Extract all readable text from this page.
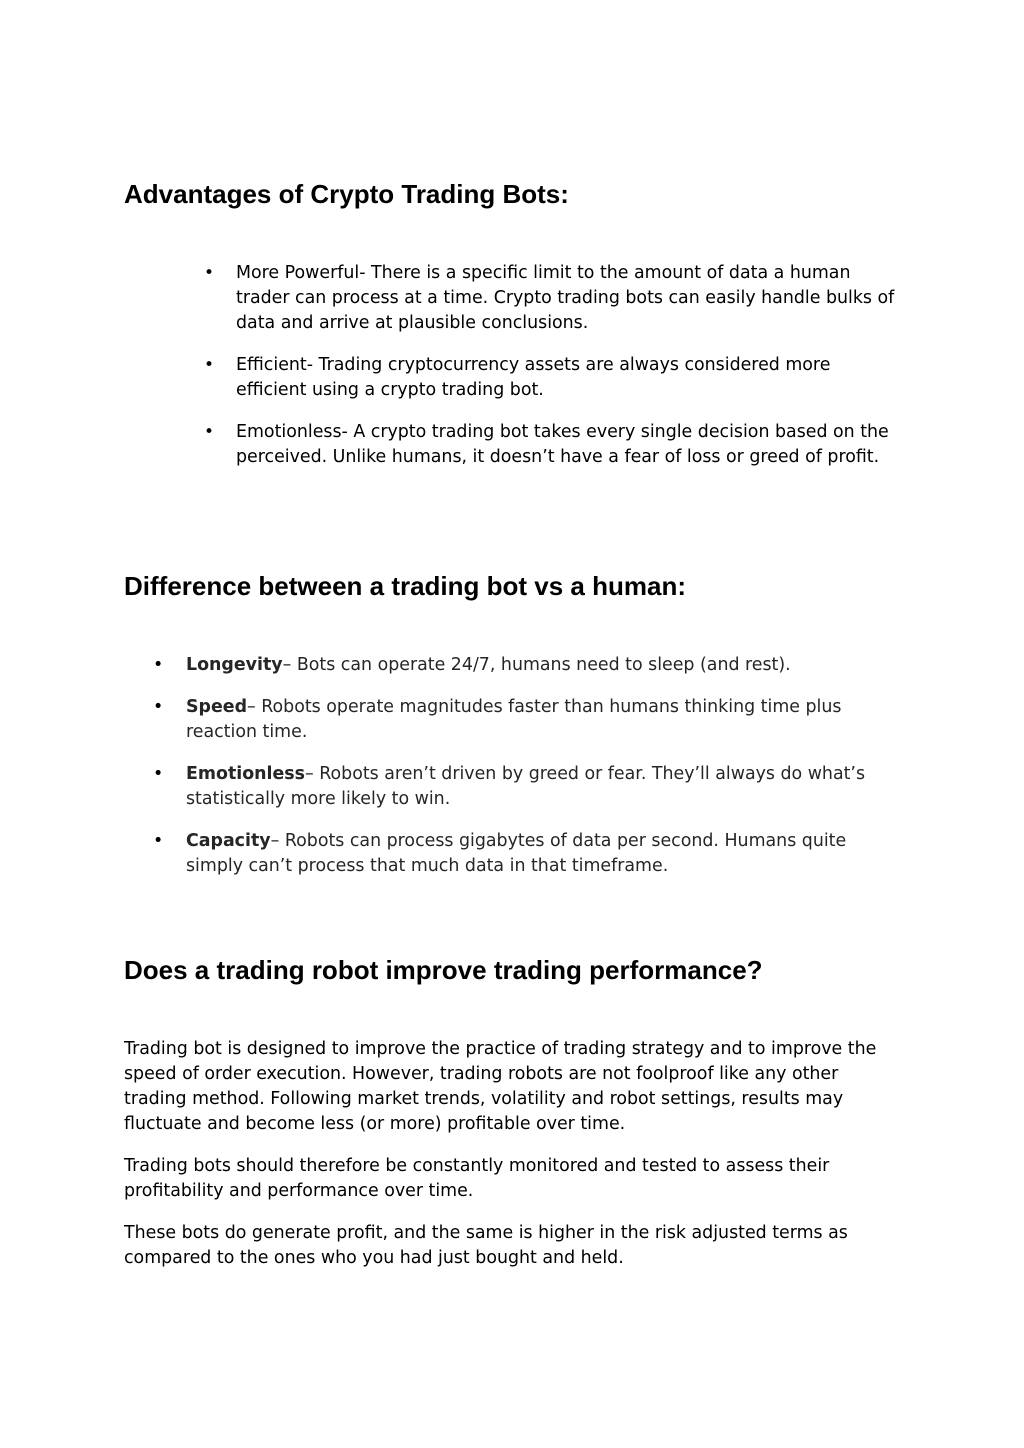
Advantages of Crypto Trading Bots:
• More Powerful- There is a specific limit to the amount of data a human trader can process at a time. Crypto trading bots can easily handle bulks of data and arrive at plausible conclusions.
• Efficient- Trading cryptocurrency assets are always considered more efficient using a crypto trading bot.
• Emotionless- A crypto trading bot takes every single decision based on the perceived. Unlike humans, it doesn’t have a fear of loss or greed of profit.
Difference between a trading bot vs a human:
• Longevity– Bots can operate 24/7, humans need to sleep (and rest).
• Speed– Robots operate magnitudes faster than humans thinking time plus reaction time.
• Emotionless– Robots aren’t driven by greed or fear. They’ll always do what’s statistically more likely to win.
• Capacity– Robots can process gigabytes of data per second. Humans quite simply can’t process that much data in that timeframe.
Does a trading robot improve trading performance?

Trading bot is designed to improve the practice of trading strategy and to improve the speed of order execution. However, trading robots are not foolproof like any other trading method. Following market trends, volatility and robot settings, results may fluctuate and become less (or more) profitable over time.

Trading bots should therefore be constantly monitored and tested to assess their profitability and performance over time.

These bots do generate profit, and the same is higher in the risk adjusted terms as compared to the ones who you had just bought and held.
